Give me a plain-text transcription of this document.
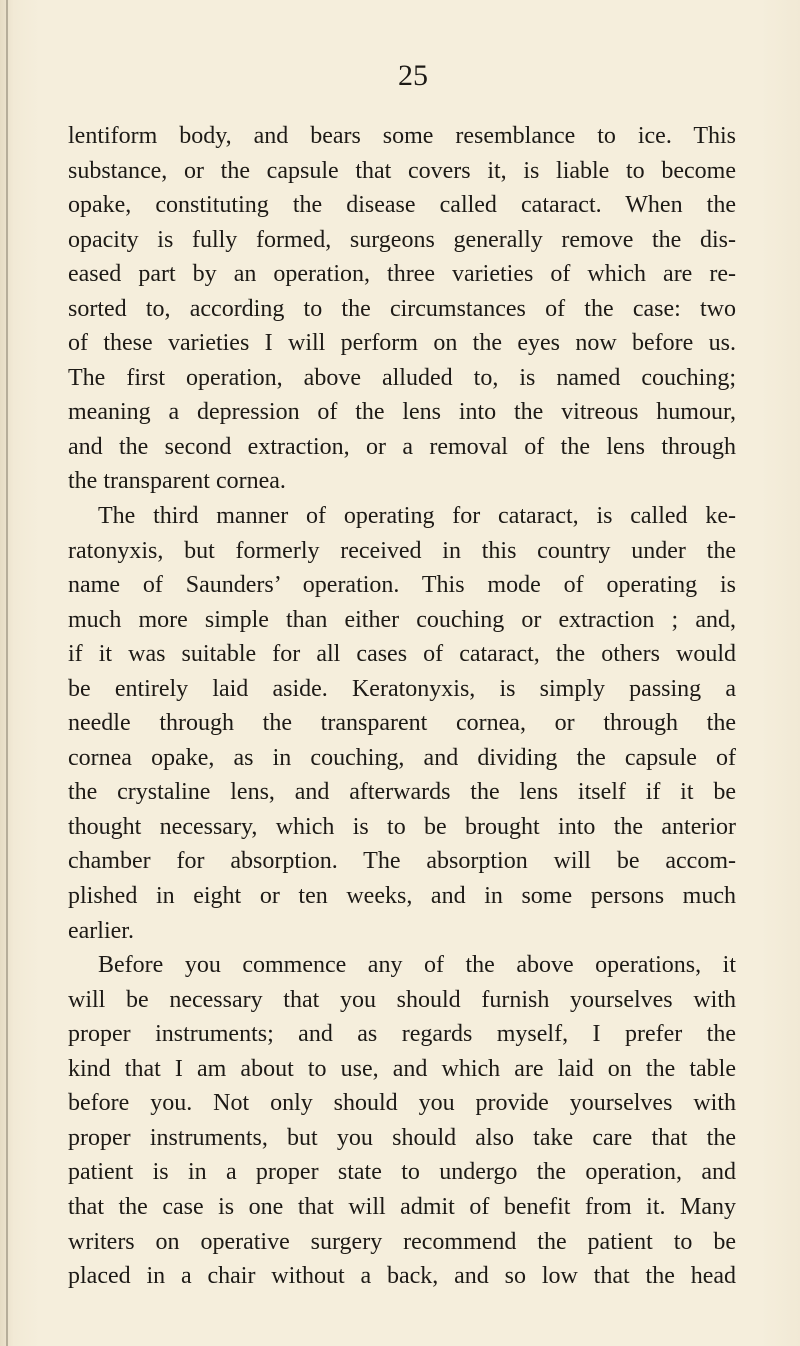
25
lentiform body, and bears some resemblance to ice. This
substance, or the capsule that covers it, is liable to become
opake, constituting the disease called cataract. When the
opacity is fully formed, surgeons generally remove the dis-
eased part by an operation, three varieties of which are re-
sorted to, according to the circumstances of the case: two
of these varieties I will perform on the eyes now before us.
The first operation, above alluded to, is named couching;
meaning a depression of the lens into the vitreous humour,
and the second extraction, or a removal of the lens through
the transparent cornea.
The third manner of operating for cataract, is called ke-
ratonyxis, but formerly received in this country under the
name of Saunders’ operation. This mode of operating is
much more simple than either couching or extraction ; and,
if it was suitable for all cases of cataract, the others would
be entirely laid aside. Keratonyxis, is simply passing a
needle through the transparent cornea, or through the
cornea opake, as in couching, and dividing the capsule of
the crystaline lens, and afterwards the lens itself if it be
thought necessary, which is to be brought into the anterior
chamber for absorption. The absorption will be accom-
plished in eight or ten weeks, and in some persons much
earlier.
Before you commence any of the above operations, it
will be necessary that you should furnish yourselves with
proper instruments; and as regards myself, I prefer the
kind that I am about to use, and which are laid on the table
before you. Not only should you provide yourselves with
proper instruments, but you should also take care that the
patient is in a proper state to undergo the operation, and
that the case is one that will admit of benefit from it. Many
writers on operative surgery recommend the patient to be
placed in a chair without a back, and so low that the head
